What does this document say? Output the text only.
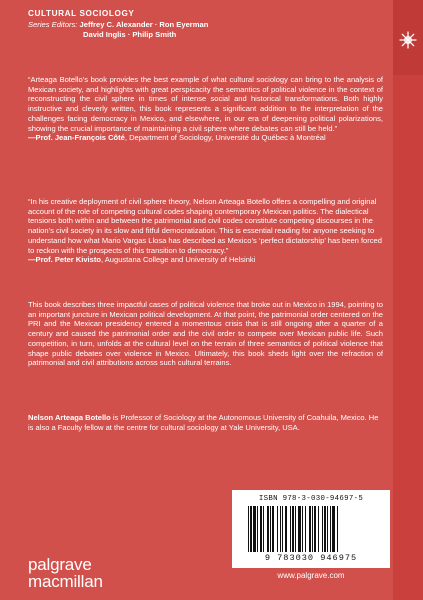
CULTURAL SOCIOLOGY
Series Editors: Jeffrey C. Alexander · Ron Eyerman
David Inglis · Philip Smith
“Arteaga Botello’s book provides the best example of what cultural sociology can bring to the analysis of Mexican society, and highlights with great perspicacity the semantics of political violence in the context of reconstructing the civil sphere in times of intense social and historical transformations. Both highly instructive and cleverly written, this book represents a significant addition to the interpretation of the challenges facing democracy in Mexico, and elsewhere, in our era of deepening political polarizations, showing the crucial importance of maintaining a civil sphere where debates can still be held.”
—Prof. Jean-François Côté, Department of Sociology, Université du Québec à Montréal
“In his creative deployment of civil sphere theory, Nelson Arteaga Botello offers a compelling and original account of the role of competing cultural codes shaping contemporary Mexican politics. The dialectical tensions both within and between the patrimonial and civil codes constitute competing discourses in the nation’s civil society in its slow and fitful democratization. This is essential reading for anyone seeking to understand how what Mario Vargas Llosa has described as Mexico’s ‘perfect dictatorship’ has been forced to reckon with the prospects of this transition to democracy.”
—Prof. Peter Kivisto, Augustana College and University of Helsinki
This book describes three impactful cases of political violence that broke out in Mexico in 1994, pointing to an important juncture in Mexican political development. At that point, the patrimonial order centered on the PRI and the Mexican presidency entered a momentous crisis that is still ongoing after a quarter of a century and caused the patrimonial order and the civil order to compete over Mexican public life. Such competition, in turn, unfolds at the cultural level on the terrain of three semantics of political violence that shape public debates over violence in Mexico. Ultimately, this book sheds light over the refraction of patrimonial and civil attributions across such cultural terrains.
Nelson Arteaga Botello is Professor of Sociology at the Autonomous University of Coahuila, Mexico. He is also a Faculty fellow at the centre for cultural sociology at Yale University, USA.
ISBN 978-3-030-94697-5
9 783030 946975
www.palgrave.com
palgrave
macmillan
